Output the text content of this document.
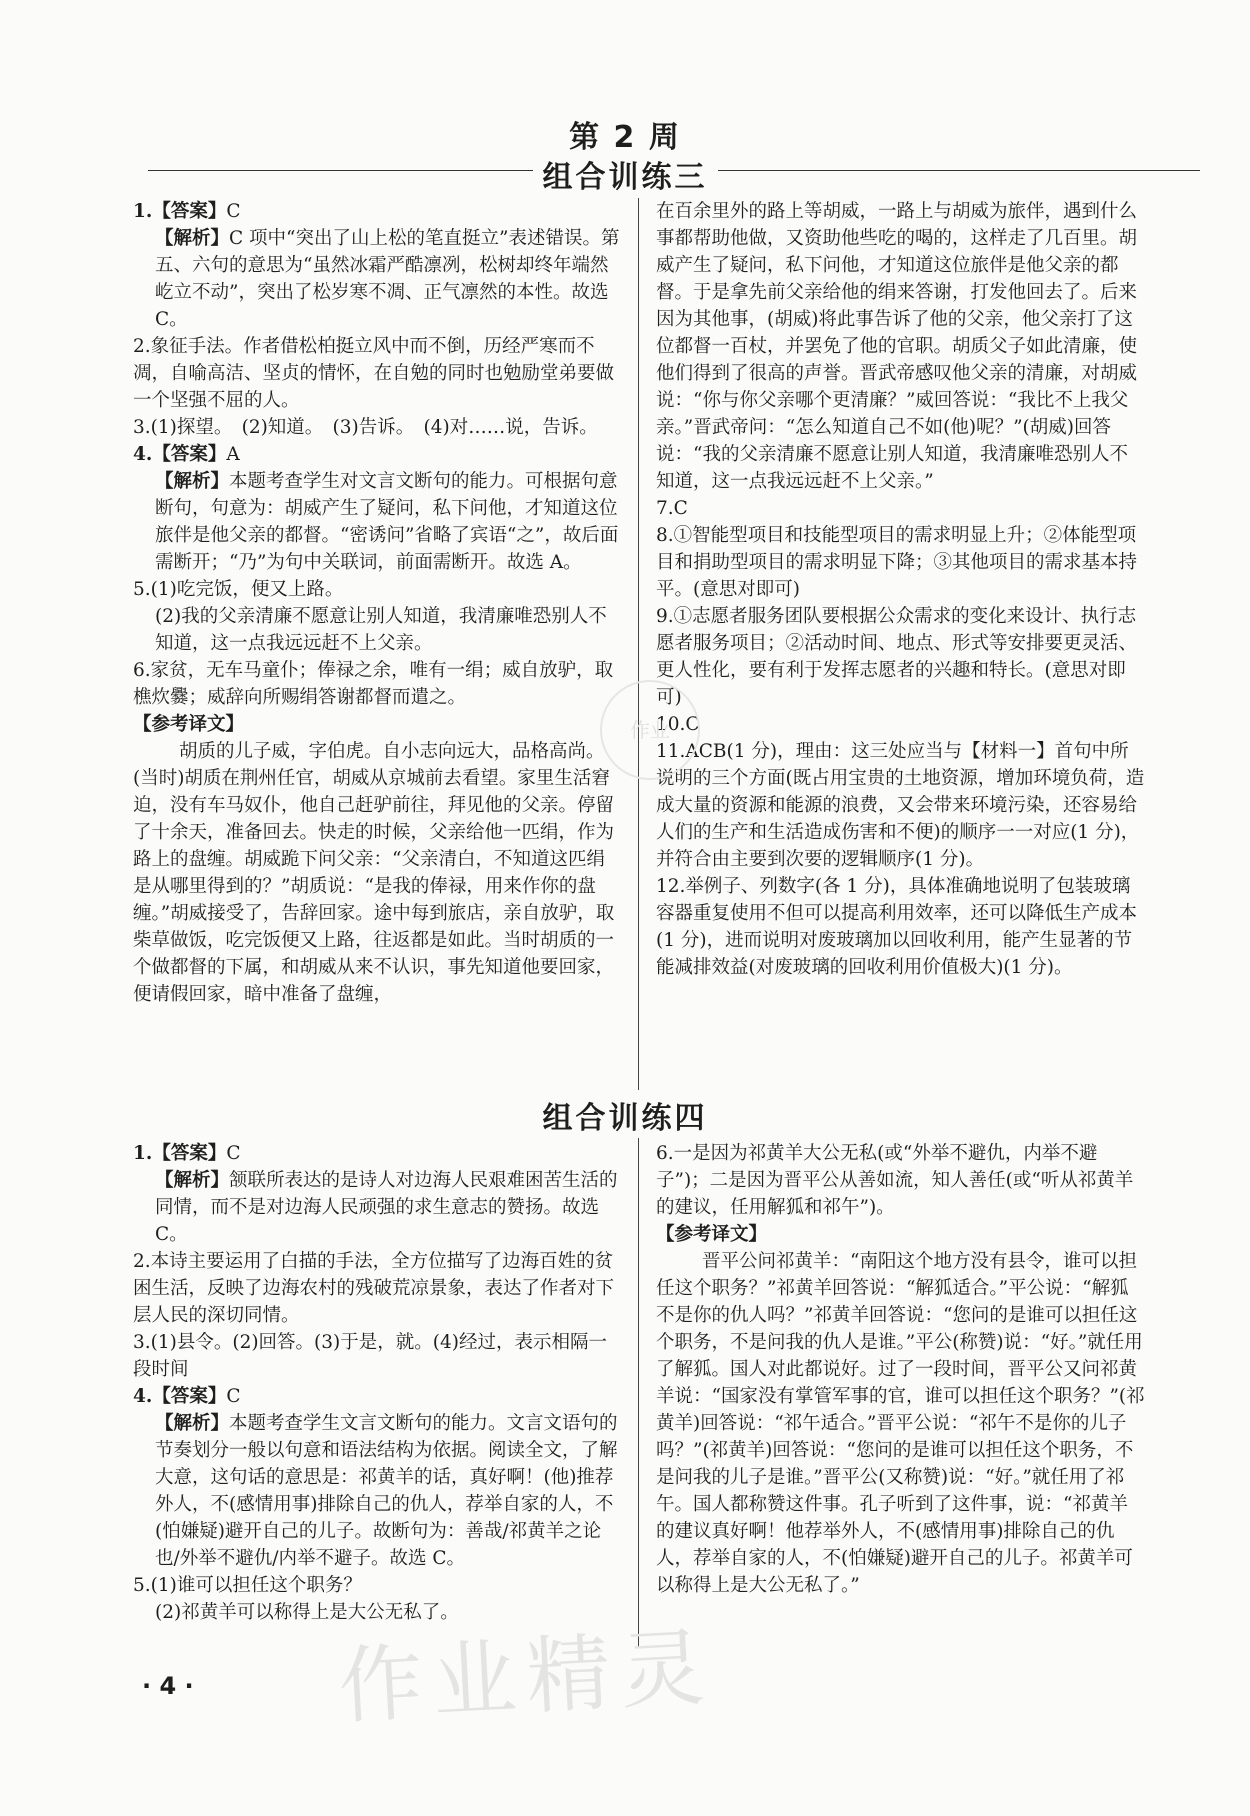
第 2 周
组合训练三

1.【答案】C

【解析】C 项中“突出了山上松的笔直挺立”表述错误。第五、六句的意思为“虽然冰霜严酷凛冽，松树却终年端然屹立不动”，突出了松岁寒不凋、正气凛然的本性。故选 C。

2.象征手法。作者借松柏挺立风中而不倒，历经严寒而不凋，自喻高洁、坚贞的情怀，在自勉的同时也勉励堂弟要做一个坚强不屈的人。

3.(1)探望。　(2)知道。　(3)告诉。　(4)对……说，告诉。

4.【答案】A

【解析】本题考查学生对文言文断句的能力。可根据句意断句，句意为：胡威产生了疑问，私下问他，才知道这位旅伴是他父亲的都督。“密诱问”省略了宾语“之”，故后面需断开；“乃”为句中关联词，前面需断开。故选 A。

5.(1)吃完饭，便又上路。

(2)我的父亲清廉不愿意让别人知道，我清廉唯恐别人不知道，这一点我远远赶不上父亲。

6.家贫，无车马童仆；俸禄之余，唯有一绢；威自放驴，取樵炊爨；威辞向所赐绢答谢都督而遣之。

【参考译文】

胡质的儿子威，字伯虎。自小志向远大，品格高尚。(当时)胡质在荆州任官，胡威从京城前去看望。家里生活窘迫，没有车马奴仆，他自己赶驴前往，拜见他的父亲。停留了十余天，准备回去。快走的时候，父亲给他一匹绢，作为路上的盘缠。胡威跪下问父亲：“父亲清白，不知道这匹绢是从哪里得到的？”胡质说：“是我的俸禄，用来作你的盘缠。”胡威接受了，告辞回家。途中每到旅店，亲自放驴，取柴草做饭，吃完饭便又上路，往返都是如此。当时胡质的一个做都督的下属，和胡威从来不认识，事先知道他要回家，便请假回家，暗中准备了盘缠，

在百余里外的路上等胡威，一路上与胡威为旅伴，遇到什么事都帮助他做，又资助他些吃的喝的，这样走了几百里。胡威产生了疑问，私下问他，才知道这位旅伴是他父亲的都督。于是拿先前父亲给他的绢来答谢，打发他回去了。后来因为其他事，(胡威)将此事告诉了他的父亲，他父亲打了这位都督一百杖，并罢免了他的官职。胡质父子如此清廉，使他们得到了很高的声誉。晋武帝感叹他父亲的清廉，对胡威说：“你与你父亲哪个更清廉？”威回答说：“我比不上我父亲。”晋武帝问：“怎么知道自己不如(他)呢？”(胡威)回答说：“我的父亲清廉不愿意让别人知道，我清廉唯恐别人不知道，这一点我远远赶不上父亲。”

7.C

8.①智能型项目和技能型项目的需求明显上升；②体能型项目和捐助型项目的需求明显下降；③其他项目的需求基本持平。(意思对即可)

9.①志愿者服务团队要根据公众需求的变化来设计、执行志愿者服务项目；②活动时间、地点、形式等安排要更灵活、更人性化，要有利于发挥志愿者的兴趣和特长。(意思对即可)

10.C

11.ACB(1 分)，理由：这三处应当与【材料一】首句中所说明的三个方面(既占用宝贵的土地资源，增加环境负荷，造成大量的资源和能源的浪费，又会带来环境污染，还容易给人们的生产和生活造成伤害和不便)的顺序一一对应(1 分)，并符合由主要到次要的逻辑顺序(1 分)。

12.举例子、列数字(各 1 分)，具体准确地说明了包装玻璃容器重复使用不但可以提高利用效率，还可以降低生产成本(1 分)，进而说明对废玻璃加以回收利用，能产生显著的节能减排效益(对废玻璃的回收利用价值极大)(1 分)。

作业
组合训练四

1.【答案】C

【解析】颔联所表达的是诗人对边海人民艰难困苦生活的同情，而不是对边海人民顽强的求生意志的赞扬。故选 C。

2.本诗主要运用了白描的手法，全方位描写了边海百姓的贫困生活，反映了边海农村的残破荒凉景象，表达了作者对下层人民的深切同情。

3.(1)县令。(2)回答。(3)于是，就。(4)经过，表示相隔一段时间

4.【答案】C

【解析】本题考查学生文言文断句的能力。文言文语句的节奏划分一般以句意和语法结构为依据。阅读全文，了解大意，这句话的意思是：祁黄羊的话，真好啊！(他)推荐外人，不(感情用事)排除自己的仇人，荐举自家的人，不(怕嫌疑)避开自己的儿子。故断句为：善哉/祁黄羊之论也/外举不避仇/内举不避子。故选 C。

5.(1)谁可以担任这个职务？

(2)祁黄羊可以称得上是大公无私了。

6.一是因为祁黄羊大公无私(或“外举不避仇，内举不避子”)；二是因为晋平公从善如流，知人善任(或“听从祁黄羊的建议，任用解狐和祁午”)。

【参考译文】

晋平公问祁黄羊：“南阳这个地方没有县令，谁可以担任这个职务？”祁黄羊回答说：“解狐适合。”平公说：“解狐不是你的仇人吗？”祁黄羊回答说：“您问的是谁可以担任这个职务，不是问我的仇人是谁。”平公(称赞)说：“好。”就任用了解狐。国人对此都说好。过了一段时间，晋平公又问祁黄羊说：“国家没有掌管军事的官，谁可以担任这个职务？”(祁黄羊)回答说：“祁午适合。”晋平公说：“祁午不是你的儿子吗？”(祁黄羊)回答说：“您问的是谁可以担任这个职务，不是问我的儿子是谁。”晋平公(又称赞)说：“好。”就任用了祁午。国人都称赞这件事。孔子听到了这件事，说：“祁黄羊的建议真好啊！他荐举外人，不(感情用事)排除自己的仇人，荐举自家的人，不(怕嫌疑)避开自己的儿子。祁黄羊可以称得上是大公无私了。”

· 4 · 作业精灵
